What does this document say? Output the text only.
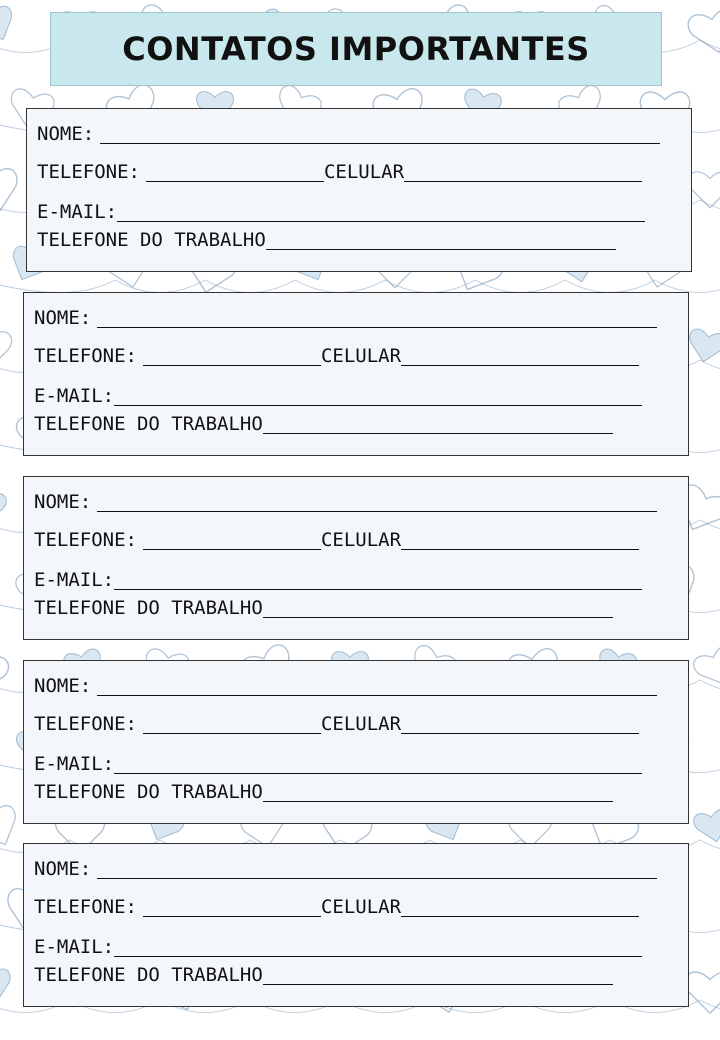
CONTATOS IMPORTANTES
NOME:
TELEFONE:	CELULAR
E-MAIL:
TELEFONE DO TRABALHO
NOME:
TELEFONE:	CELULAR
E-MAIL:
TELEFONE DO TRABALHO
NOME:
TELEFONE:	CELULAR
E-MAIL:
TELEFONE DO TRABALHO
NOME:
TELEFONE:	CELULAR
E-MAIL:
TELEFONE DO TRABALHO
NOME:
TELEFONE:	CELULAR
E-MAIL:
TELEFONE DO TRABALHO
